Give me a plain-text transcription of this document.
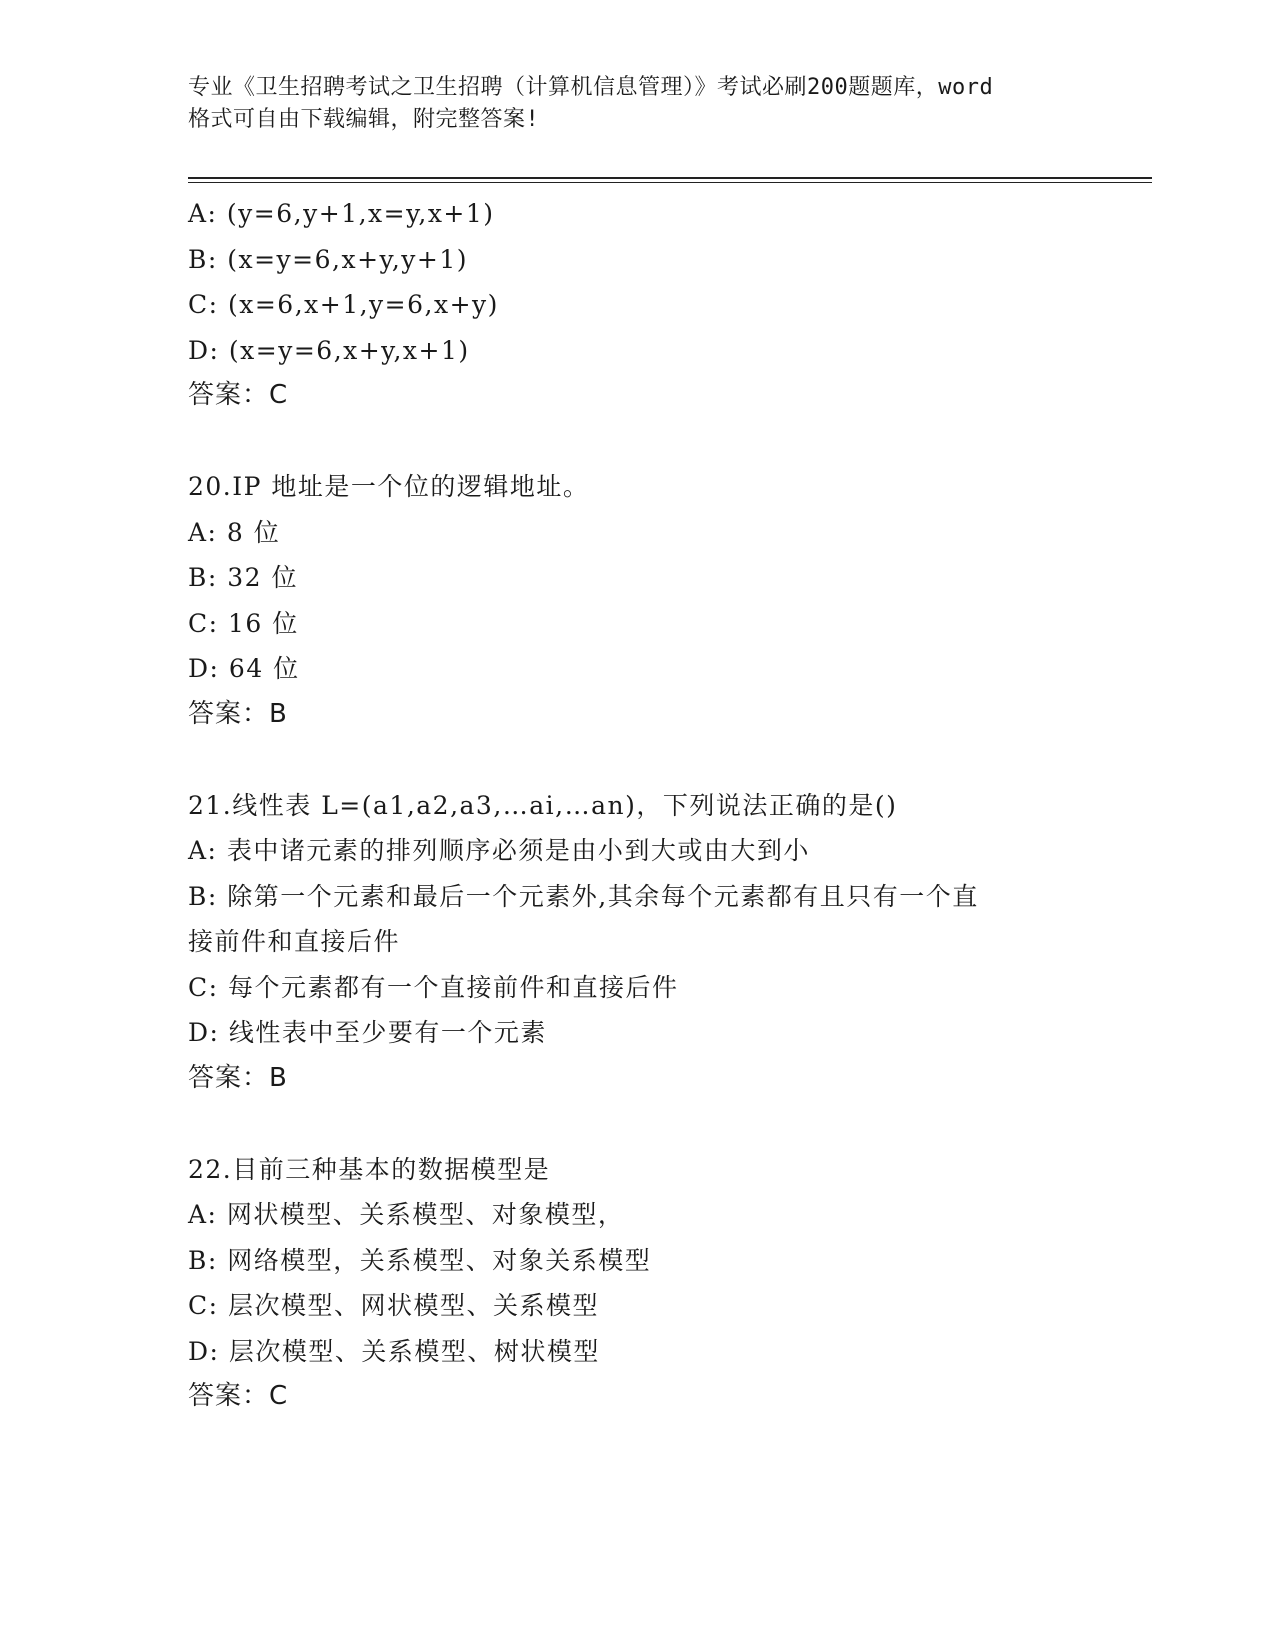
专业《卫生招聘考试之卫生招聘（计算机信息管理）》考试必刷200题题库，word
格式可自由下载编辑，附完整答案!
A: (y=6,y+1,x=y,x+1)
B: (x=y=6,x+y,y+1)
C: (x=6,x+1,y=6,x+y)
D: (x=y=6,x+y,x+1)
答案：C
20.IP 地址是一个位的逻辑地址。
A: 8 位
B: 32 位
C: 16 位
D: 64 位
答案：B
21.线性表 L=(a1,a2,a3,…ai,…an)，下列说法正确的是()
A: 表中诸元素的排列顺序必须是由小到大或由大到小
B: 除第一个元素和最后一个元素外,其余每个元素都有且只有一个直
接前件和直接后件
C: 每个元素都有一个直接前件和直接后件
D: 线性表中至少要有一个元素
答案：B
22.目前三种基本的数据模型是
A: 网状模型、关系模型、对象模型，
B: 网络模型，关系模型、对象关系模型
C: 层次模型、网状模型、关系模型
D: 层次模型、关系模型、树状模型
答案：C
